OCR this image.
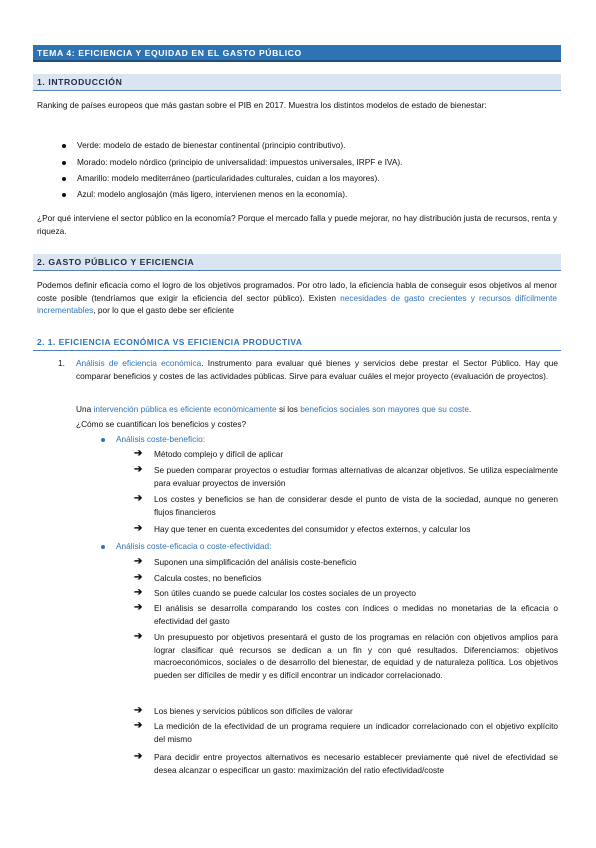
TEMA 4: EFICIENCIA Y EQUIDAD EN EL GASTO PÚBLICO
1. INTRODUCCIÓN
Ranking de países europeos que más gastan sobre el PIB en 2017. Muestra los distintos modelos de estado de bienestar:
Verde: modelo de estado de bienestar continental (principio contributivo).
Morado: modelo nórdico (principio de universalidad: impuestos universales, IRPF e IVA).
Amarillo: modelo mediterráneo (particularidades culturales, cuidan a los mayores).
Azul: modelo anglosajón (más ligero, intervienen menos en la economía).
¿Por qué interviene el sector público en la economía? Porque el mercado falla y puede mejorar, no hay distribución justa de recursos, renta y riqueza.
2. GASTO PÚBLICO Y EFICIENCIA
Podemos definir eficacia como el logro de los objetivos programados. Por otro lado, la eficiencia habla de conseguir esos objetivos al menor coste posible (tendríamos que exigir la eficiencia del sector público). Existen necesidades de gasto crecientes y recursos difícilmente incrementables, por lo que el gasto debe ser eficiente
2. 1. EFICIENCIA ECONÓMICA VS EFICIENCIA PRODUCTIVA
1. Análisis de eficiencia económica. Instrumento para evaluar qué bienes y servicios debe prestar el Sector Público. Hay que comparar beneficios y costes de las actividades públicas. Sirve para evaluar cuáles el mejor proyecto (evaluación de proyectos).
Una intervención pública es eficiente económicamente si los beneficios sociales son mayores que su coste.
¿Cómo se cuantifican los beneficios y costes?
Análisis coste-beneficio:
➔ Método complejo y difícil de aplicar
➔ Se pueden comparar proyectos o estudiar formas alternativas de alcanzar objetivos. Se utiliza especialmente para evaluar proyectos de inversión
➔ Los costes y beneficios se han de considerar desde el punto de vista de la sociedad, aunque no generen flujos financieros
➔ Hay que tener en cuenta excedentes del consumidor y efectos externos, y calcular los
Análisis coste-eficacia o coste-efectividad:
➔ Suponen una simplificación del análisis coste-beneficio
➔ Calcula costes, no beneficios
➔ Son útiles cuando se puede calcular los costes sociales de un proyecto
➔ El análisis se desarrolla comparando los costes con índices o medidas no monetarias de la eficacia o efectividad del gasto
➔ Un presupuesto por objetivos presentará el gusto de los programas en relación con objetivos amplios para lograr clasificar qué recursos se dedican a un fin y con qué resultados. Diferenciamos: objetivos macroeconómicos, sociales o de desarrollo del bienestar, de equidad y de naturaleza política. Los objetivos pueden ser difíciles de medir y es difícil encontrar un indicador correlacionado.
➔ Los bienes y servicios públicos son difíciles de valorar
➔ La medición de la efectividad de un programa requiere un indicador correlacionado con el objetivo explícito del mismo
➔ Para decidir entre proyectos alternativos es necesario establecer previamente qué nivel de efectividad se desea alcanzar o especificar un gasto: maximización del ratio efectividad/coste
